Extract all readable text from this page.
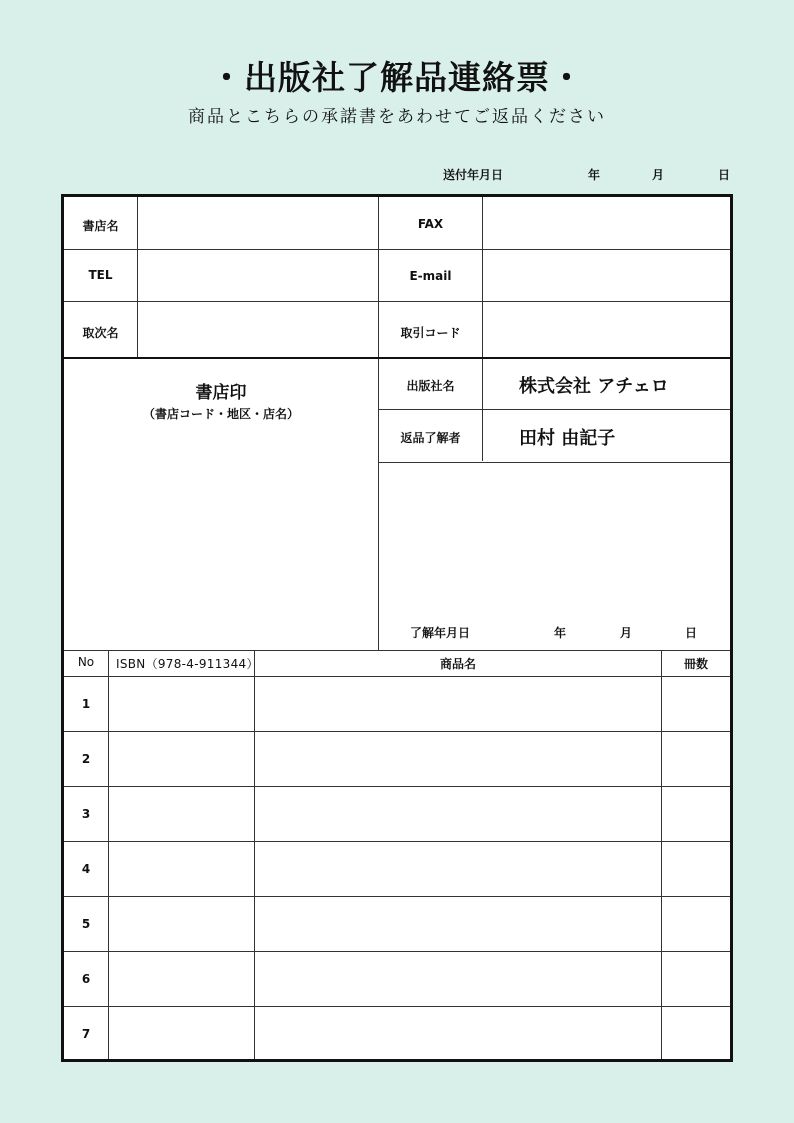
・出版社了解品連絡票・
商品とこちらの承諾書をあわせてご返品ください
送付年月日	年	月	日
書店名	FAX
TEL	E-mail
取次名	取引コード
書店印
（書店コード・地区・店名）
出版社名	株式会社 アチェロ
返品了解者	田村 由記子
了解年月日	年	月	日
No	ISBN（978-4-911344）	商品名	冊数
1
2
3
4
5
6
7
